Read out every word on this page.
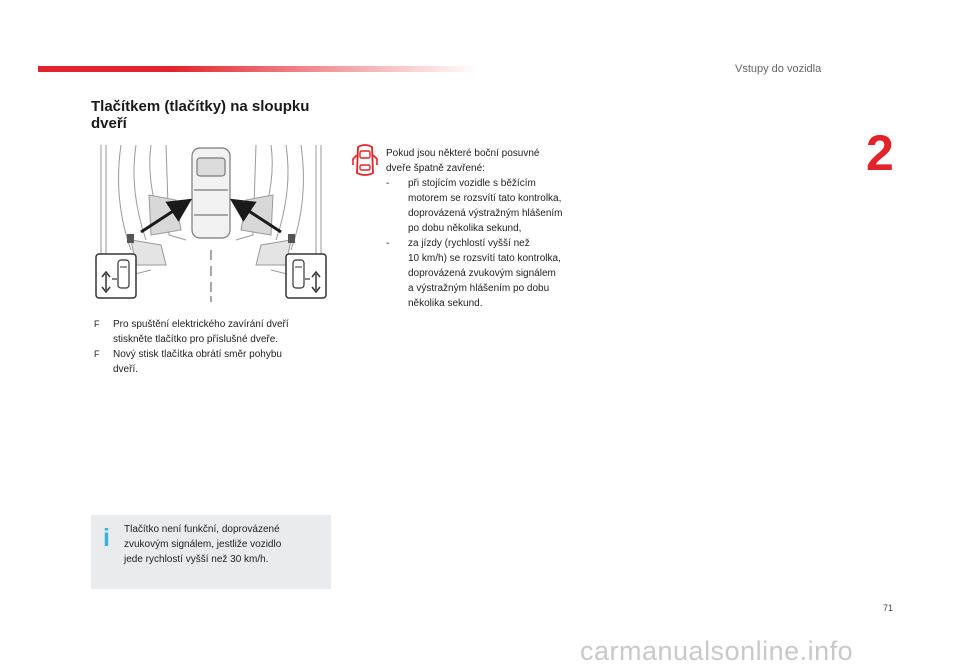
Vstupy do vozidla
2
Tlačítkem (tlačítky) na sloupku
dveří
F Pro spuštění elektrického zavírání dveří
stiskněte tlačítko pro příslušné dveře.
F Nový stisk tlačítka obrátí směr pohybu
dveří.
Pokud jsou některé boční posuvné
dveře špatně zavřené:
- při stojícím vozidle s běžícím
motorem se rozsvítí tato kontrolka,
doprovázená výstražným hlášením
po dobu několika sekund,
- za jízdy (rychlostí vyšší než
10 km/h) se rozsvítí tato kontrolka,
doprovázená zvukovým signálem
a výstražným hlášením po dobu
několika sekund.
i	Tlačítko není funkční, doprovázené
zvukovým signálem, jestliže vozidlo
jede rychlostí vyšší než 30 km/h.
71
carmanualsonline.info
